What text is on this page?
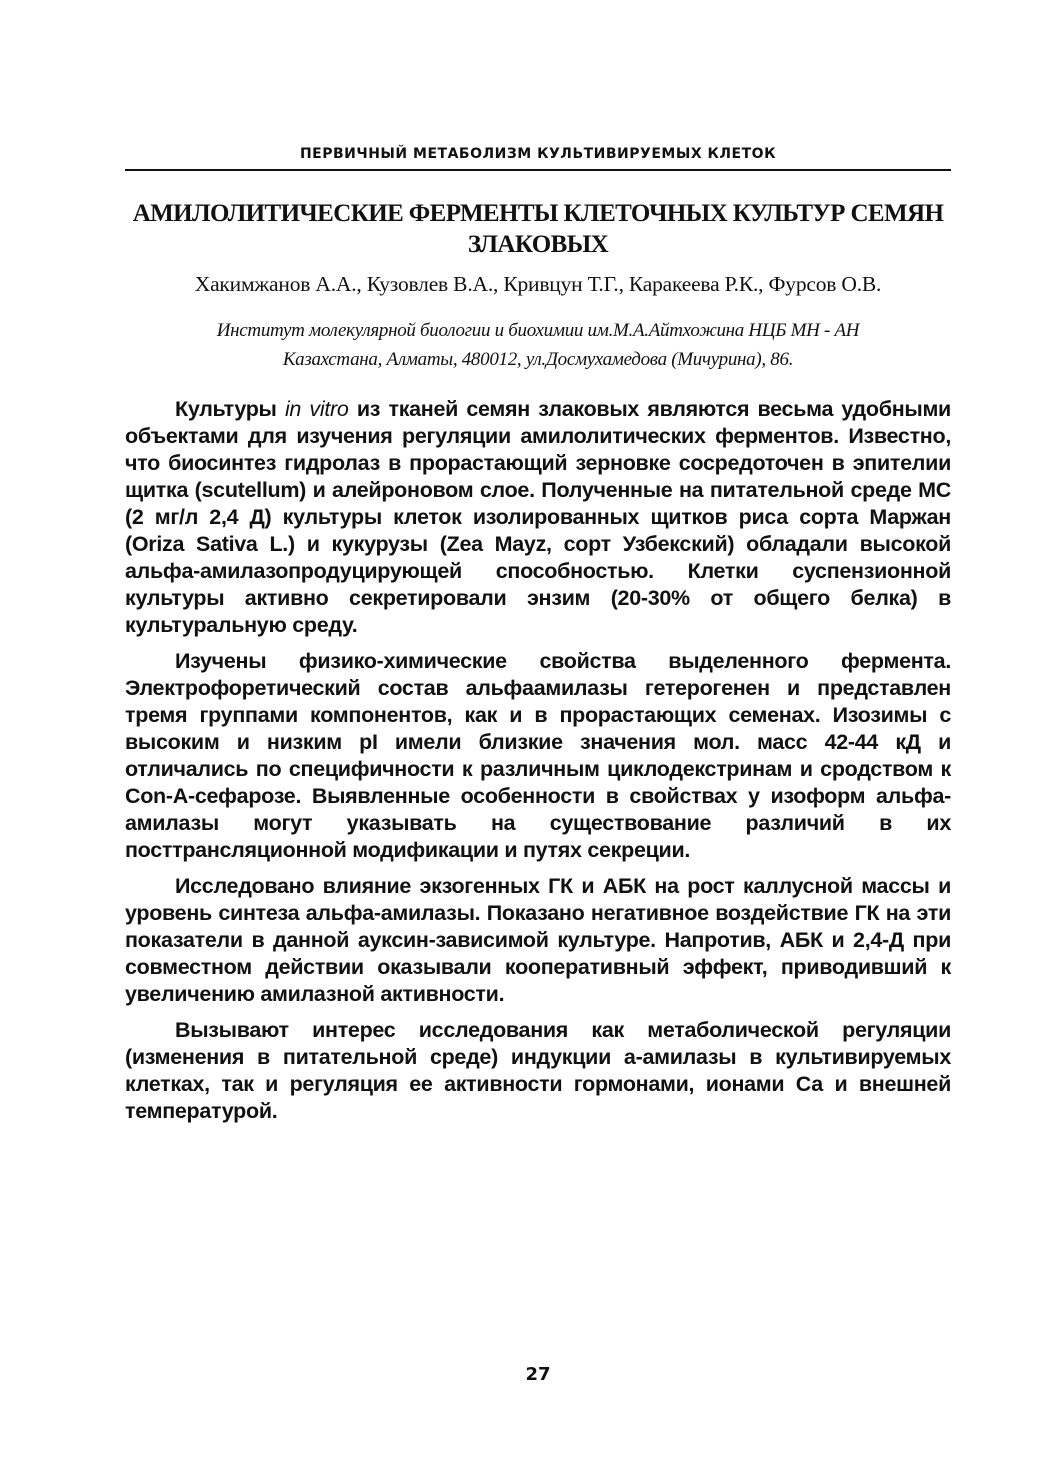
ПЕРВИЧНЫЙ МЕТАБОЛИЗМ КУЛЬТИВИРУЕМЫХ КЛЕТОК
АМИЛОЛИТИЧЕСКИЕ ФЕРМЕНТЫ КЛЕТОЧНЫХ КУЛЬТУР СЕМЯН ЗЛАКОВЫХ
Хакимжанов А.А., Кузовлев В.А., Кривцун Т.Г., Каракеева Р.К., Фурсов О.В.
Институт молекулярной биологии и биохимии им.М.А.Айтхожина НЦБ МН - АН
Казахстана, Алматы, 480012, ул.Досмухамедова (Мичурина), 86.

Культуры in vitro из тканей семян злаковых являются весьма удобными объектами для изучения регуляции амилолитических ферментов. Известно, что биосинтез гидролаз в прорастающий зерновке сосредоточен в эпителии щитка (scutellum) и алейроновом слое. Полученные на питательной среде МС (2 мг/л 2,4 Д) культуры клеток изолированных щитков риса сорта Маржан (Oriza Sativa L.) и кукурузы (Zea Mayz, сорт Узбекский) обладали высокой альфа-амилазопродуцирующей способностью. Клетки суспензионной культуры активно секретировали энзим (20-30% от общего белка) в культуральную среду.

Изучены физико-химические свойства выделенного фермента. Электрофоретический состав альфаамилазы гетерогенен и представлен тремя группами компонентов, как и в прорастающих семенах. Изозимы с высоким и низким pI имели близкие значения мол. масс 42-44 кД и отличались по специфичности к различным циклодекстринам и сродством к Con-A-сефарозе. Выявленные особенности в свойствах у изоформ альфа-амилазы могут указывать на существование различий в их посттрансляционной модификации и путях секреции.

Исследовано влияние экзогенных ГК и АБК на рост каллусной массы и уровень синтеза альфа-амилазы. Показано негативное воздействие ГК на эти показатели в данной ауксин-зависимой культуре. Напротив, АБК и 2,4-Д при совместном действии оказывали кооперативный эффект, приводивший к увеличению амилазной активности.

Вызывают интерес исследования как метаболической регуляции (изменения в питательной среде) индукции а-амилазы в культивируемых клетках, так и регуляция ее активности гормонами, ионами Са и внешней температурой.

27
